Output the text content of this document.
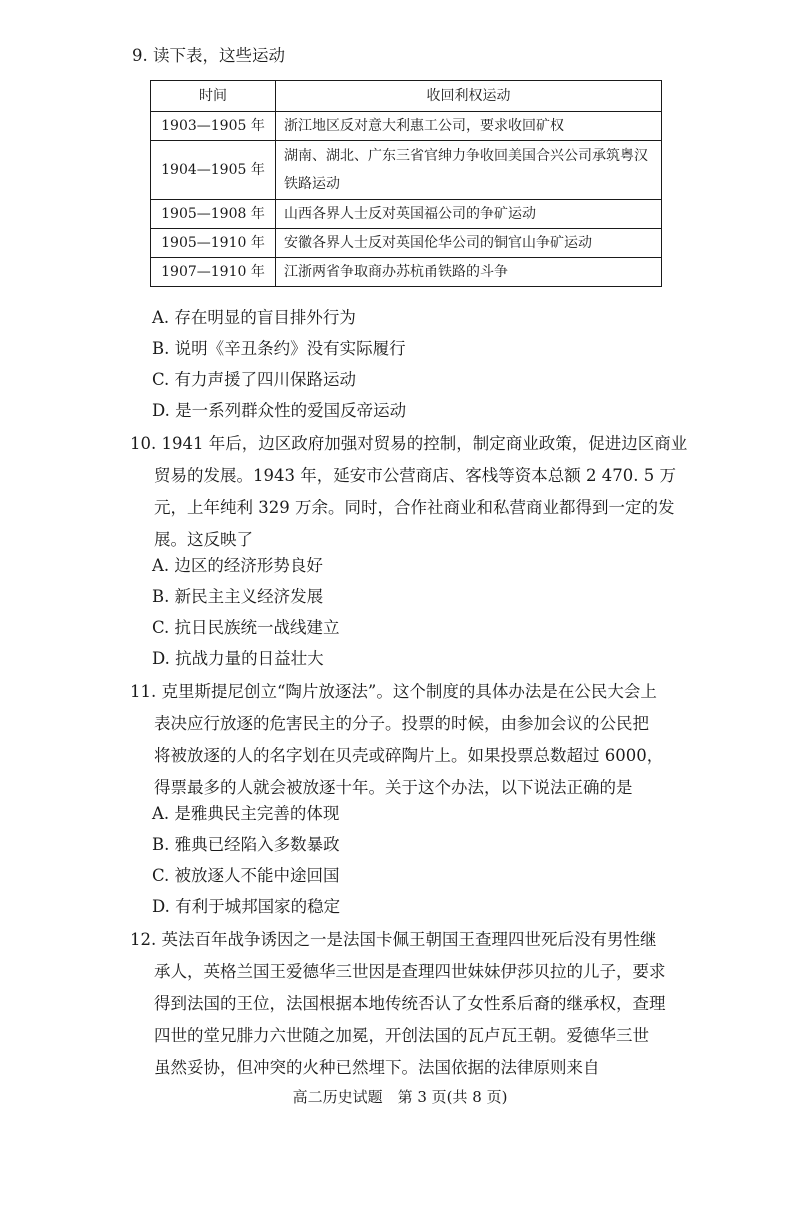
9. 读下表，这些运动
时间	收回利权运动
1903—1905 年	浙江地区反对意大利惠工公司，要求收回矿权
1904—1905 年	湖南、湖北、广东三省官绅力争收回美国合兴公司承筑粤汉
铁路运动

1905—1908 年	山西各界人士反对英国福公司的争矿运动
1905—1910 年	安徽各界人士反对英国伦华公司的铜官山争矿运动
1907—1910 年	江浙两省争取商办苏杭甬铁路的斗争
A. 存在明显的盲目排外行为
B. 说明《辛丑条约》没有实际履行
C. 有力声援了四川保路运动
D. 是一系列群众性的爱国反帝运动
10. 1941 年后，边区政府加强对贸易的控制，制定商业政策，促进边区商业
贸易的发展。1943 年，延安市公营商店、客栈等资本总额 2 470. 5 万
元，上年纯利 329 万余。同时，合作社商业和私营商业都得到一定的发
展。这反映了
A. 边区的经济形势良好
B. 新民主主义经济发展
C. 抗日民族统一战线建立
D. 抗战力量的日益壮大
11. 克里斯提尼创立“陶片放逐法”。这个制度的具体办法是在公民大会上
表决应行放逐的危害民主的分子。投票的时候，由参加会议的公民把
将被放逐的人的名字划在贝壳或碎陶片上。如果投票总数超过 6000，
得票最多的人就会被放逐十年。关于这个办法，以下说法正确的是
A. 是雅典民主完善的体现
B. 雅典已经陷入多数暴政
C. 被放逐人不能中途回国
D. 有利于城邦国家的稳定
12. 英法百年战争诱因之一是法国卡佩王朝国王查理四世死后没有男性继
承人，英格兰国王爱德华三世因是查理四世妹妹伊莎贝拉的儿子，要求
得到法国的王位，法国根据本地传统否认了女性系后裔的继承权，查理
四世的堂兄腓力六世随之加冕，开创法国的瓦卢瓦王朝。爱德华三世
虽然妥协，但冲突的火种已然埋下。法国依据的法律原则来自
高二历史试题　第 3 页(共 8 页)
